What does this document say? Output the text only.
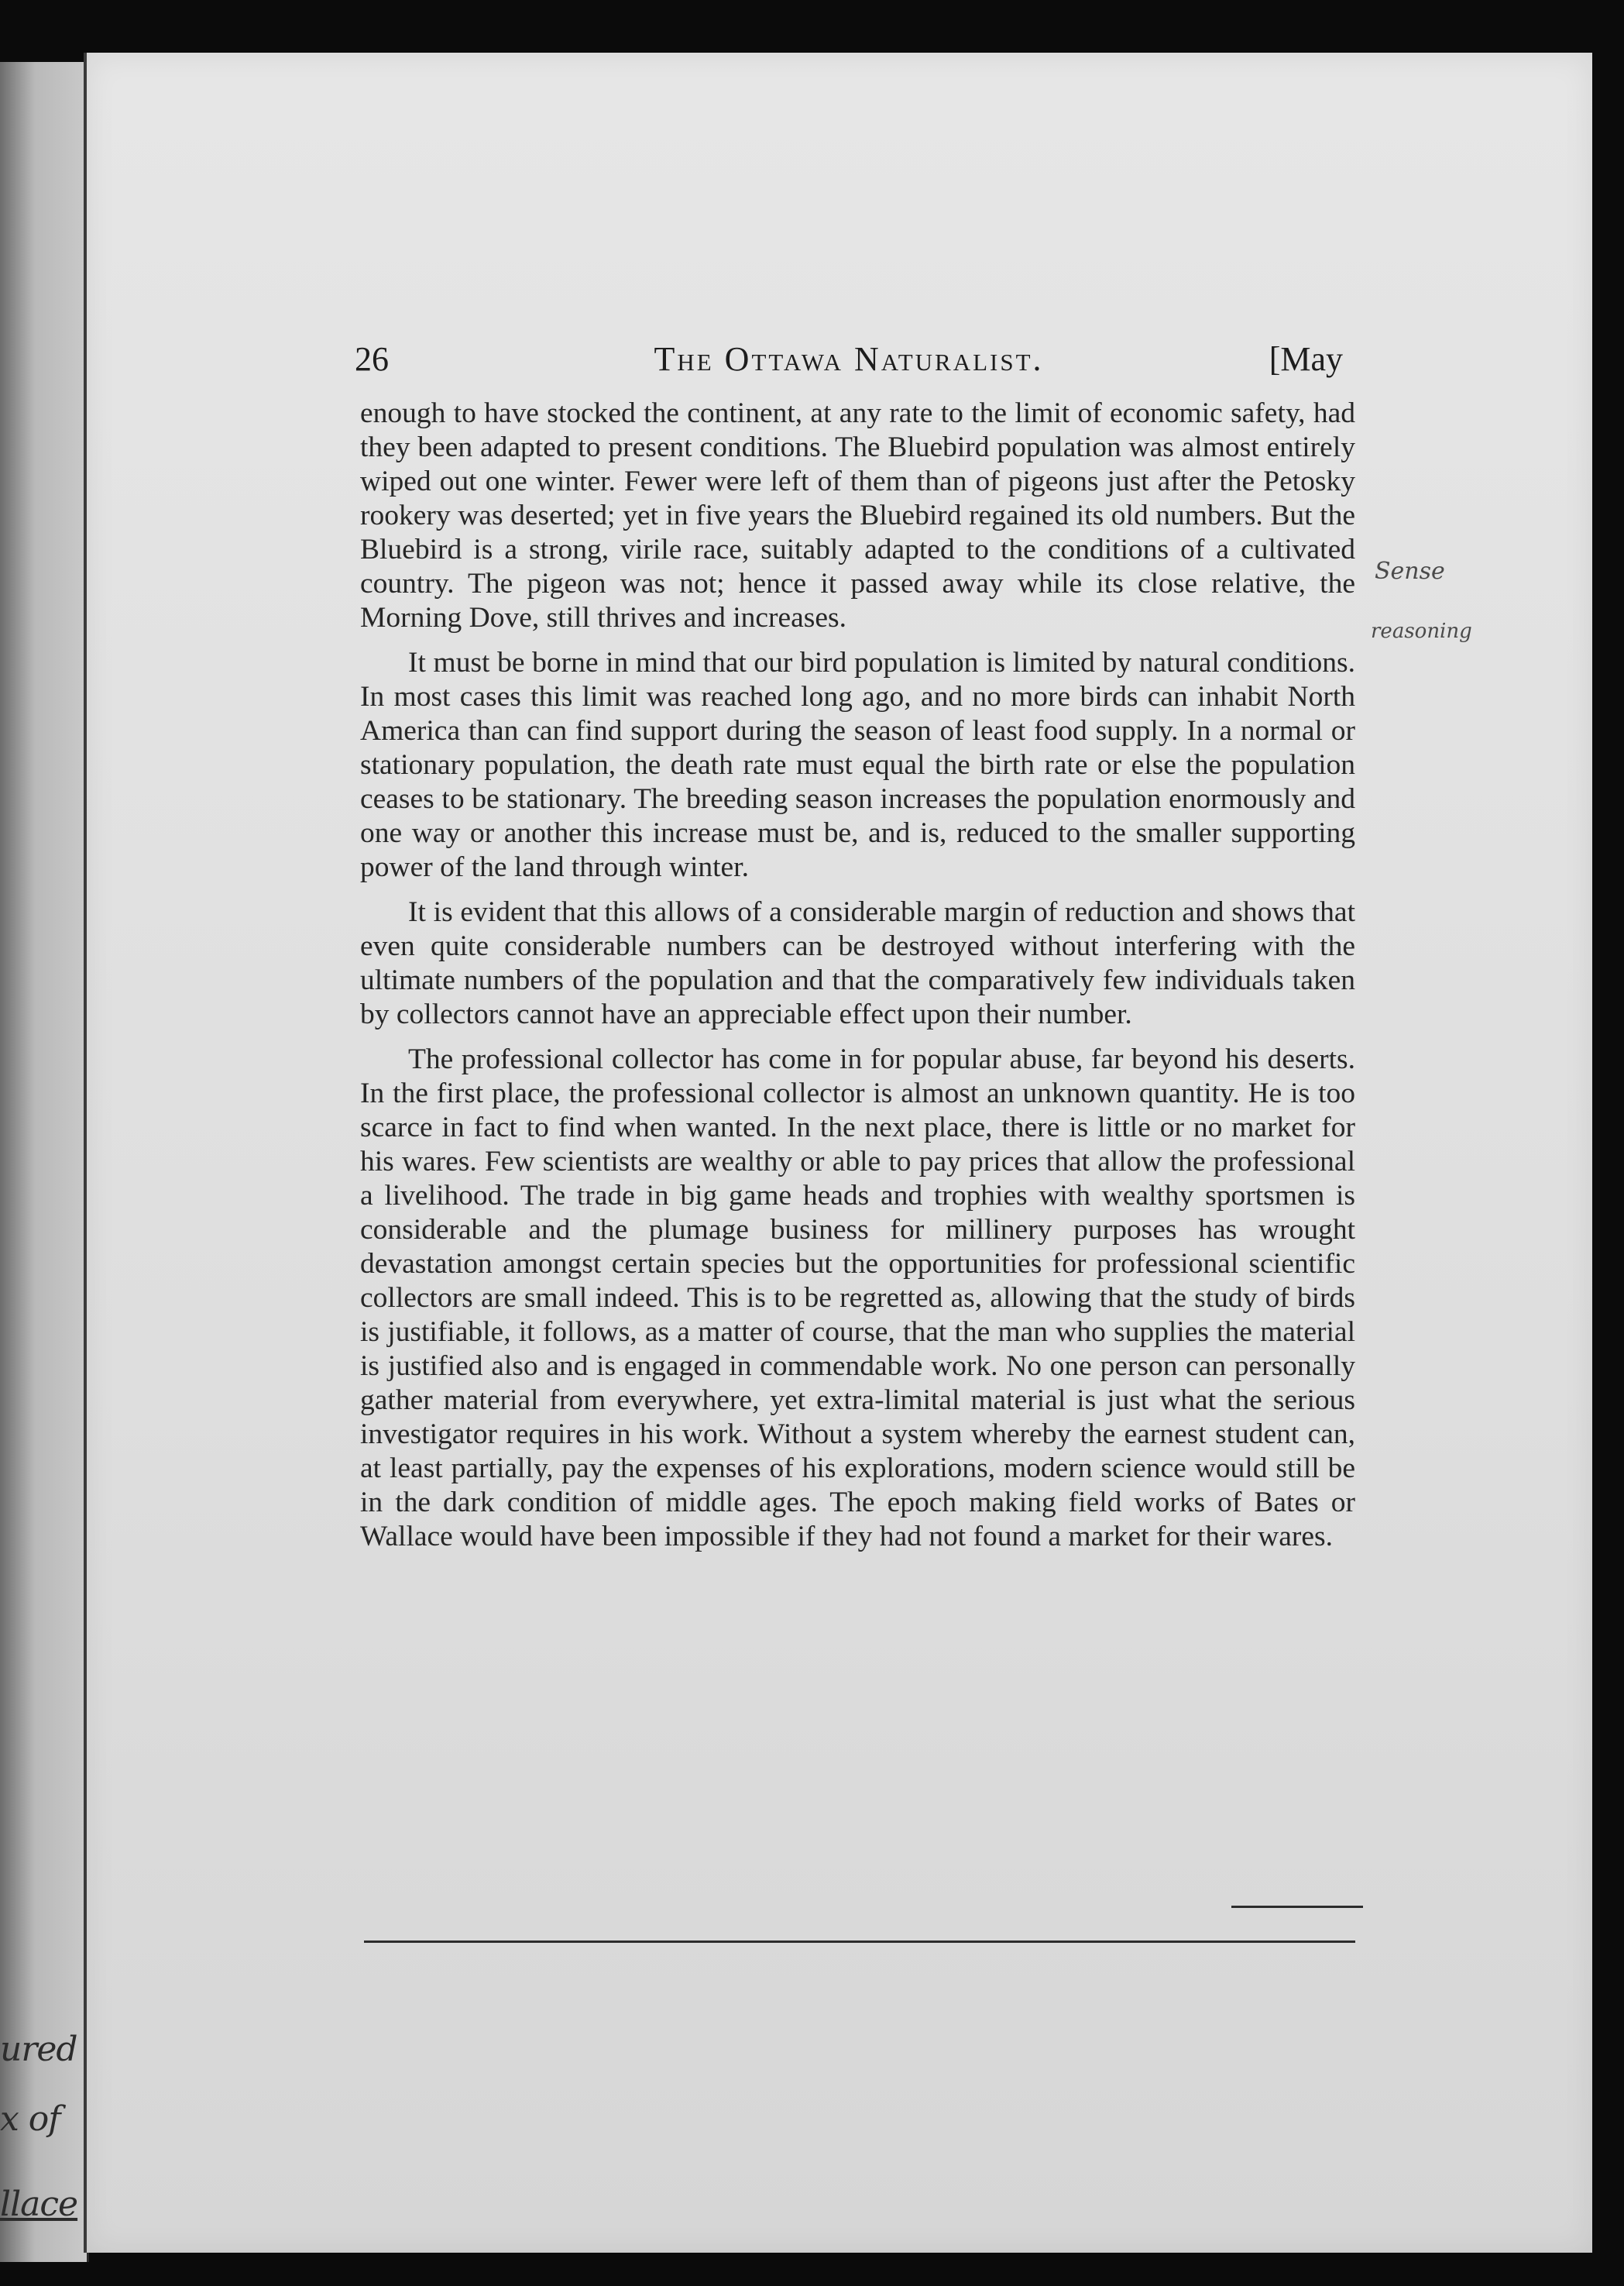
ured
x of
llace
26	The Ottawa Naturalist.	[May

enough to have stocked the continent, at any rate to the limit of economic safety, had they been adapted to present conditions. The Bluebird population was almost entirely wiped out one winter. Fewer were left of them than of pigeons just after the Petosky rookery was deserted; yet in five years the Bluebird regained its old numbers. But the Bluebird is a strong, virile race, suitably adapted to the conditions of a cultivated country. The pigeon was not; hence it passed away while its close relative, the Morning Dove, still thrives and increases.

It must be borne in mind that our bird population is limited by natural conditions. In most cases this limit was reached long ago, and no more birds can inhabit North America than can find support during the season of least food supply. In a normal or stationary population, the death rate must equal the birth rate or else the population ceases to be stationary. The breeding season increases the population enormously and one way or another this increase must be, and is, reduced to the smaller supporting power of the land through winter.

It is evident that this allows of a considerable margin of reduction and shows that even quite considerable numbers can be destroyed without interfering with the ultimate numbers of the population and that the comparatively few individuals taken by collectors cannot have an appreciable effect upon their number.

The professional collector has come in for popular abuse, far beyond his deserts. In the first place, the professional collector is almost an unknown quantity. He is too scarce in fact to find when wanted. In the next place, there is little or no market for his wares. Few scientists are wealthy or able to pay prices that allow the professional a livelihood. The trade in big game heads and trophies with wealthy sportsmen is considerable and the plumage business for millinery purposes has wrought devastation amongst certain species but the opportunities for professional scientific collectors are small indeed. This is to be regretted as, allowing that the study of birds is justifiable, it follows, as a matter of course, that the man who supplies the material is justified also and is engaged in commendable work. No one person can personally gather material from everywhere, yet extra-limital material is just what the serious investigator requires in his work. Without a system whereby the earnest student can, at least partially, pay the expenses of his explorations, modern science would still be in the dark condition of middle ages. The epoch making field works of Bates or Wallace would have been impossible if they had not found a market for their wares.

Sense
reasoning
